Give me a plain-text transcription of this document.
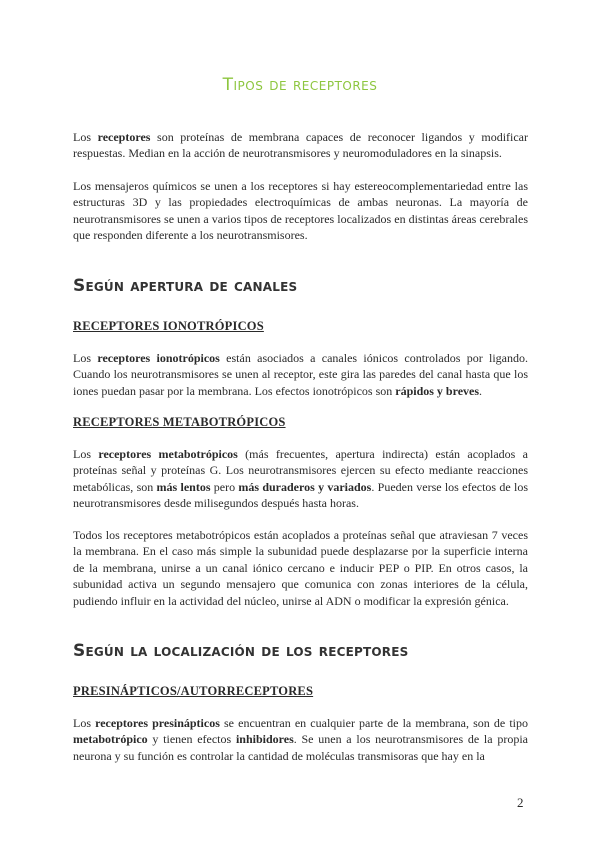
Tipos de receptores

Los receptores son proteínas de membrana capaces de reconocer ligandos y modificar respuestas. Median en la acción de neurotransmisores y neuromoduladores en la sinapsis.

Los mensajeros químicos se unen a los receptores si hay estereocomplementariedad entre las estructuras 3D y las propiedades electroquímicas de ambas neuronas. La mayoría de neurotransmisores se unen a varios tipos de receptores localizados en distintas áreas cerebrales que responden diferente a los neurotransmisores.

Según apertura de canales
RECEPTORES IONOTRÓPICOS

Los receptores ionotrópicos están asociados a canales iónicos controlados por ligando. Cuando los neurotransmisores se unen al receptor, este gira las paredes del canal hasta que los iones puedan pasar por la membrana. Los efectos ionotrópicos son rápidos y breves.

RECEPTORES METABOTRÓPICOS

Los receptores metabotrópicos (más frecuentes, apertura indirecta) están acoplados a proteínas señal y proteínas G. Los neurotransmisores ejercen su efecto mediante reacciones metabólicas, son más lentos pero más duraderos y variados. Pueden verse los efectos de los neurotransmisores desde milisegundos después hasta horas.

Todos los receptores metabotrópicos están acoplados a proteínas señal que atraviesan 7 veces la membrana. En el caso más simple la subunidad puede desplazarse por la superficie interna de la membrana, unirse a un canal iónico cercano e inducir PEP o PIP. En otros casos, la subunidad activa un segundo mensajero que comunica con zonas interiores de la célula, pudiendo influir en la actividad del núcleo, unirse al ADN o modificar la expresión génica.

Según la localización de los receptores
PRESINÁPTICOS/AUTORRECEPTORES

Los receptores presinápticos se encuentran en cualquier parte de la membrana, son de tipo metabotrópico y tienen efectos inhibidores. Se unen a los neurotransmisores de la propia neurona y su función es controlar la cantidad de moléculas transmisoras que hay en la

2
